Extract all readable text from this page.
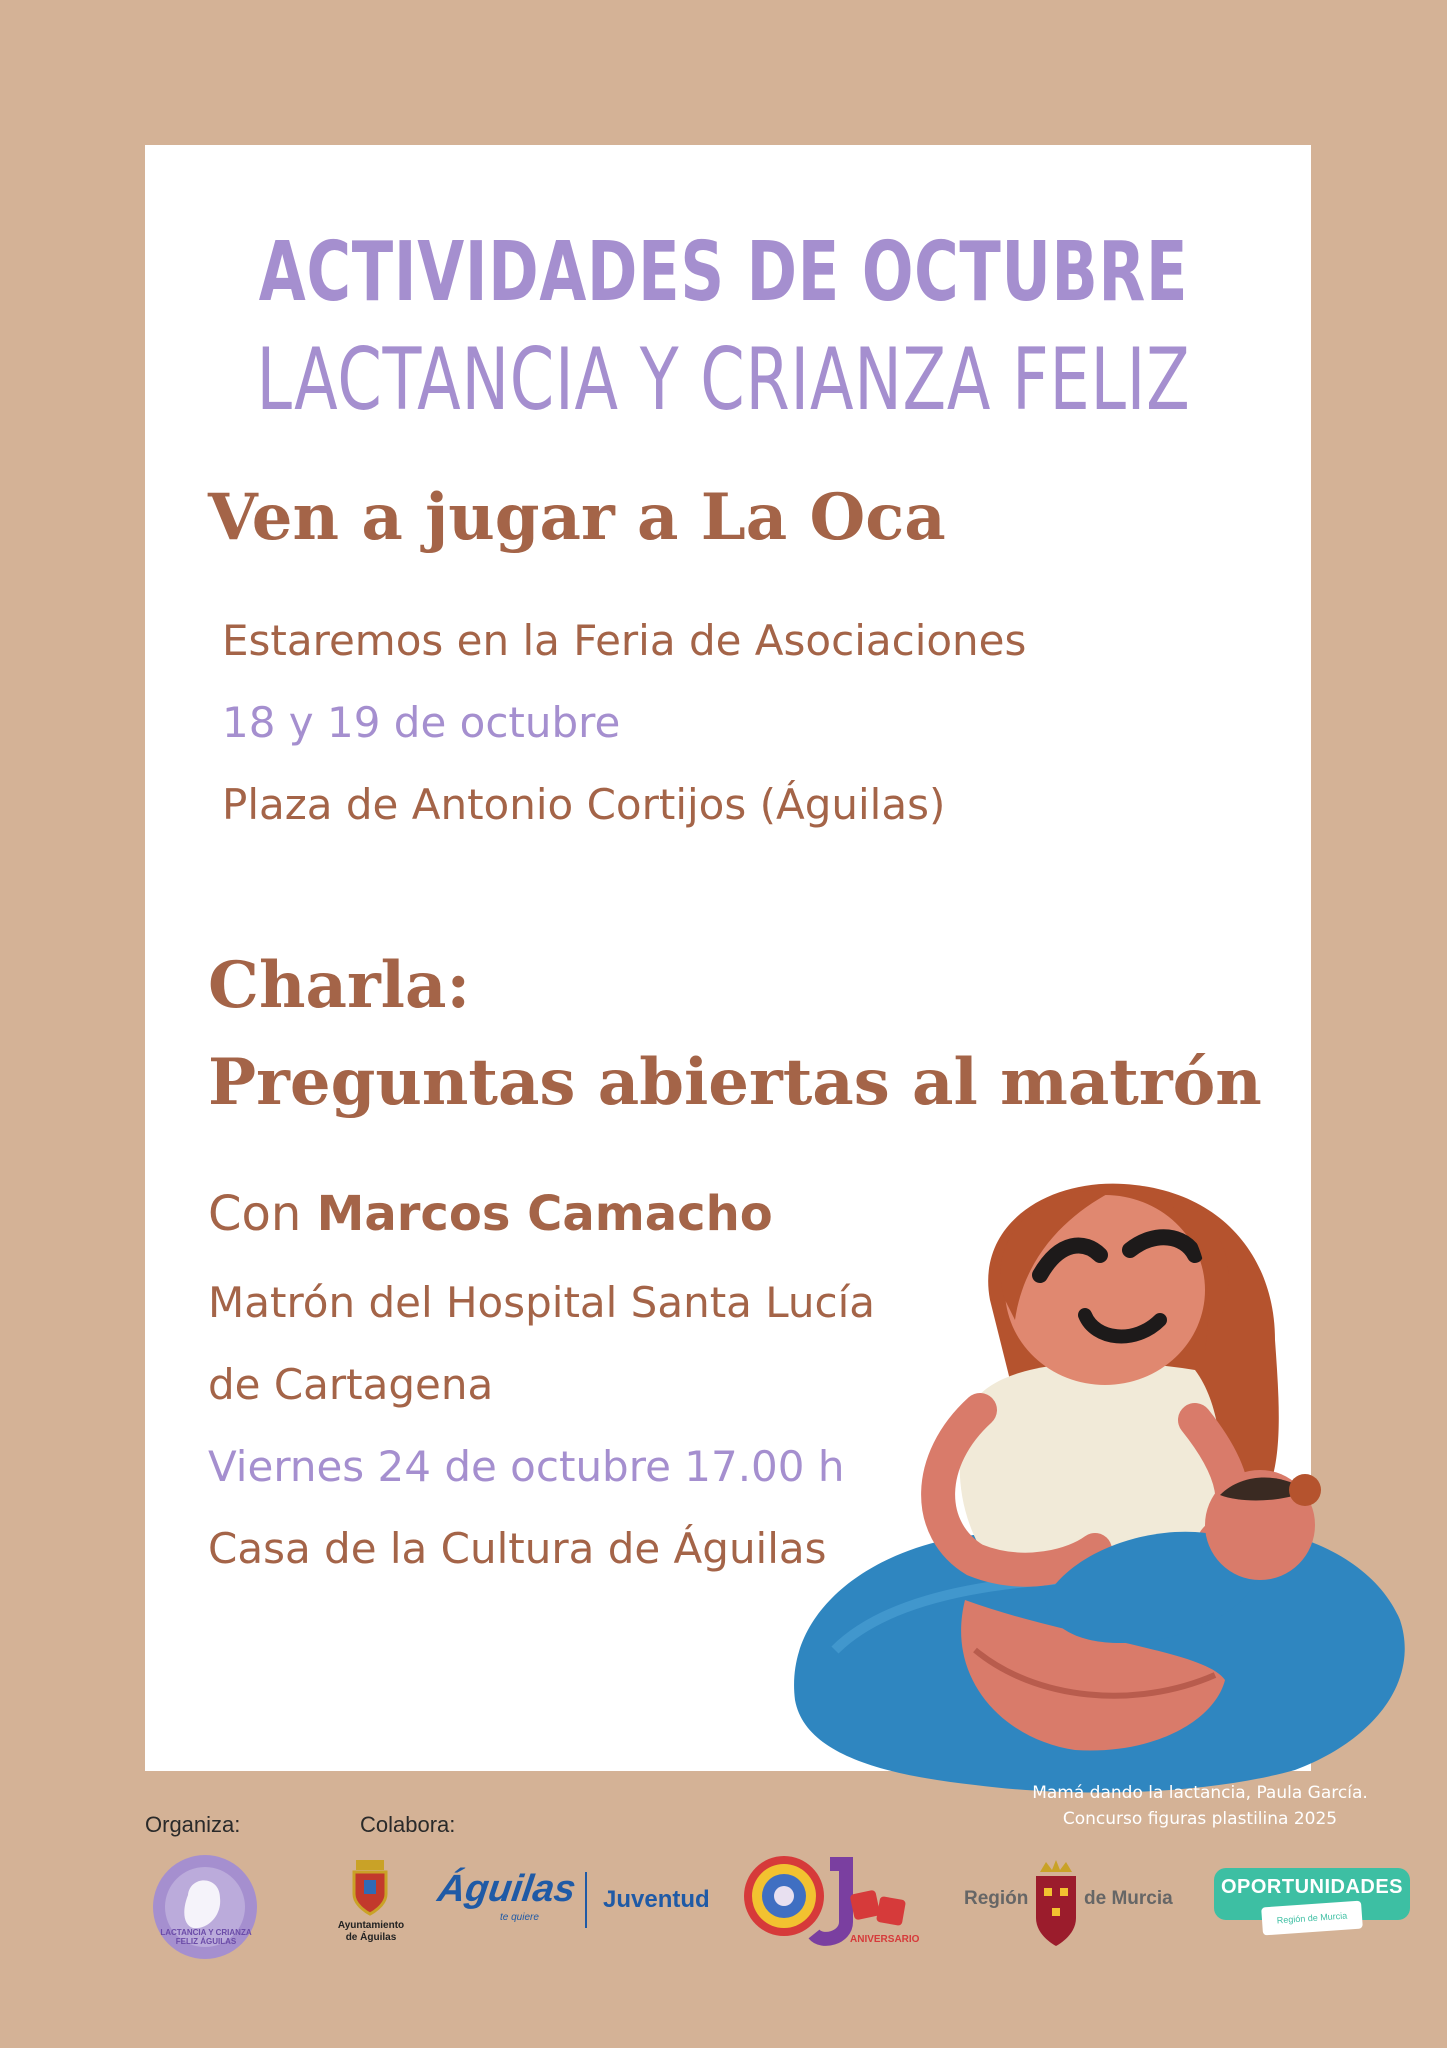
ACTIVIDADES DE OCTUBRE
LACTANCIA Y CRIANZA FELIZ
Ven a jugar a La Oca
Estaremos en la Feria de Asociaciones
18 y 19 de octubre
Plaza de Antonio Cortijos (Águilas)
Charla:
Preguntas abiertas al matrón
Con Marcos Camacho
Matrón del Hospital Santa Lucía
de Cartagena
Viernes 24 de octubre 17.00 h
Casa de la Cultura de Águilas
Mamá dando la lactancia, Paula García.
Concurso figuras plastilina 2025
Organiza:	Colabora:
LACTANCIA Y CRIANZA FELIZ ÁGUILAS
Ayuntamiento
de Águilas
Águilas
te quiere
Juventud
ANIVERSARIO
Región	de Murcia
OPORTUNIDADES
Región de Murcia
